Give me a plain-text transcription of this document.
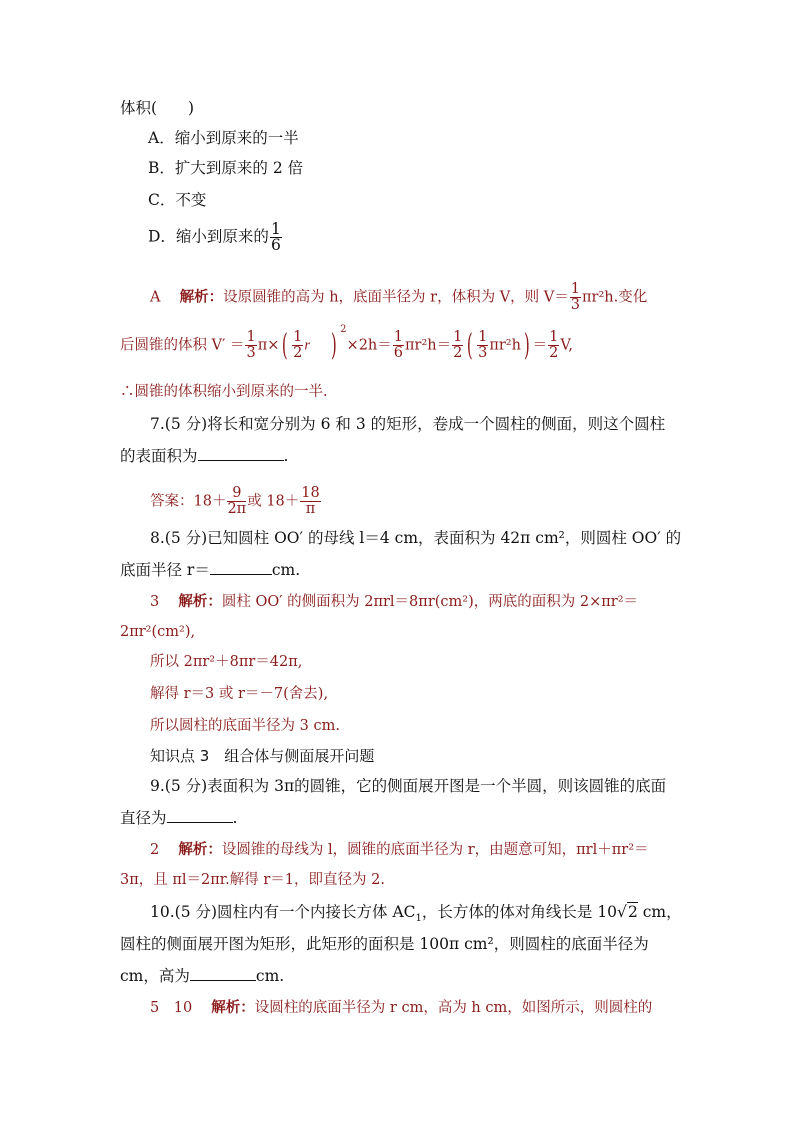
体积(　　)
A．缩小到原来的一半
B．扩大到原来的 2 倍
C．不变
D．缩小到原来的 $\frac{1}{6}$
A　 解析：设原圆锥的高为 h，底面半径为 r，体积为 V，则 $V= \frac{1}{3} \pi r^2h$.变化
后圆锥的体积 $V' = \frac{1}{3} \pi\times( \frac{1}{2}$ r ) $^2\times 2h= \frac{1}{6} \pi r^2h= \frac{1}{2}$ ( $\frac{1}{3} \pi r^2h) = \frac{1}{2} V$,
∴圆锥的体积缩小到原来的一半.
7.(5 分)将长和宽分别为 6 和 3 的矩形，卷成一个圆柱的侧面，则这个圆柱
的表面积为	.
答案：$18+ \frac{9}{2\pi}$ 或 $18+ \frac{18}{\pi}$
8.(5 分)已知圆柱 OO′ 的母线 l＝4 cm，表面积为 42π cm²，则圆柱 OO′ 的
底面半径 r＝	cm.
3　 解析：圆柱 OO′ 的侧面积为 2πrl＝8πr(cm²)，两底的面积为 2×πr²＝
2πr²(cm²),
所以 2πr²＋8πr＝42π,
解得 r＝3 或 r＝－7(舍去),
所以圆柱的底面半径为 3 cm.
知识点 3　组合体与侧面展开问题
9.(5 分)表面积为 3π的圆锥，它的侧面展开图是一个半圆，则该圆锥的底面
直径为	.
2　 解析：设圆锥的母线为 l，圆锥的底面半径为 r，由题意可知，πrl＋πr²＝
3π，且 πl＝2πr.解得 r＝1，即直径为 2.
10.(5 分)圆柱内有一个内接长方体 $AC_1$，长方体的体对角线长是 10√2 cm，
圆柱的侧面展开图为矩形，此矩形的面积是 100π cm²，则圆柱的底面半径为
cm，高为	cm.
5　10　 解析：设圆柱的底面半径为 r cm，高为 h cm，如图所示，则圆柱的
